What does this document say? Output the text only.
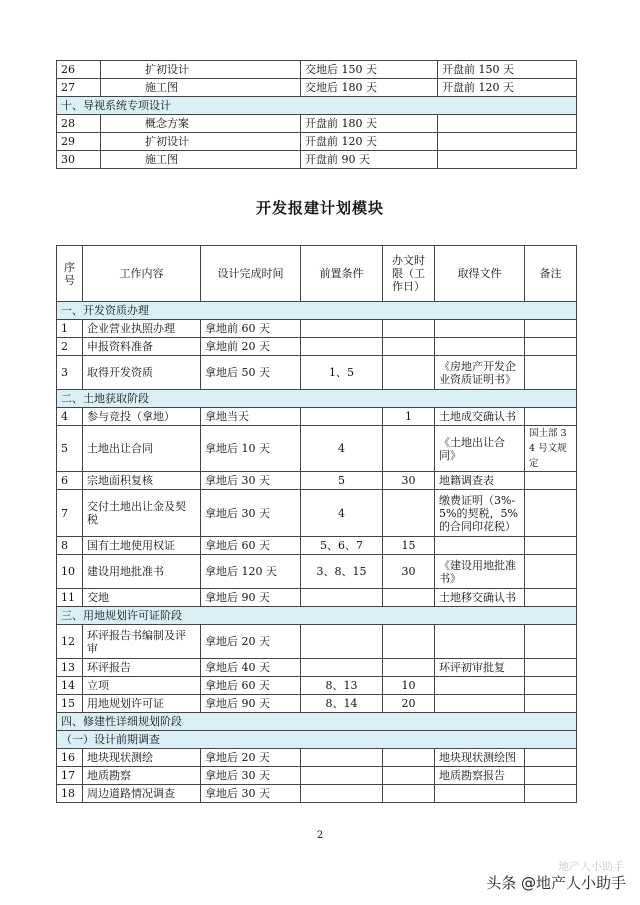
26	扩初设计	交地后 150 天	开盘前 150 天
27	施工图	交地后 180 天	开盘前 120 天
十、导视系统专项设计			
28	概念方案	开盘前 180 天	
29	扩初设计	开盘前 120 天	
30	施工图	开盘前 90 天	
开发报建计划模块
序号	工作内容	设计完成时间	前置条件	办文时限（工作日）	取得文件	备注
一、开发资质办理						
1	企业营业执照办理	拿地前 60 天				
2	申报资料准备	拿地前 20 天				
3	取得开发资质	拿地后 50 天	1、5		《房地产开发企业资质证明书》	
二、土地获取阶段						
4	参与竞投（拿地）	拿地当天		1	土地成交确认书	
5	土地出让合同	拿地后 10 天	4		《土地出让合同》	国土部 34 号文规定
6	宗地面积复核	拿地后 30 天	5	30	地籍调查表	
7	交付土地出让金及契税	拿地后 30 天	4		缴费证明（3%-5%的契税，5%的合同印花税）	
8	国有土地使用权证	拿地后 60 天	5、6、7	15		
10	建设用地批准书	拿地后 120 天	3、8、15	30	《建设用地批准书》	
11	交地	拿地后 90 天			土地移交确认书	
三、用地规划许可证阶段						
12	环评报告书编制及评审	拿地后 20 天				
13	环评报告	拿地后 40 天			环评初审批复	
14	立项	拿地后 60 天	8、13	10		
15	用地规划许可证	拿地后 90 天	8、14	20		
四、修建性详细规划阶段						
（一）设计前期调查						
16	地块现状测绘	拿地后 20 天			地块现状测绘图	
17	地质勘察	拿地后 30 天			地质勘察报告	
18	周边道路情况调查	拿地后 30 天				
2
地产人小助手
头条 @地产人小助手
